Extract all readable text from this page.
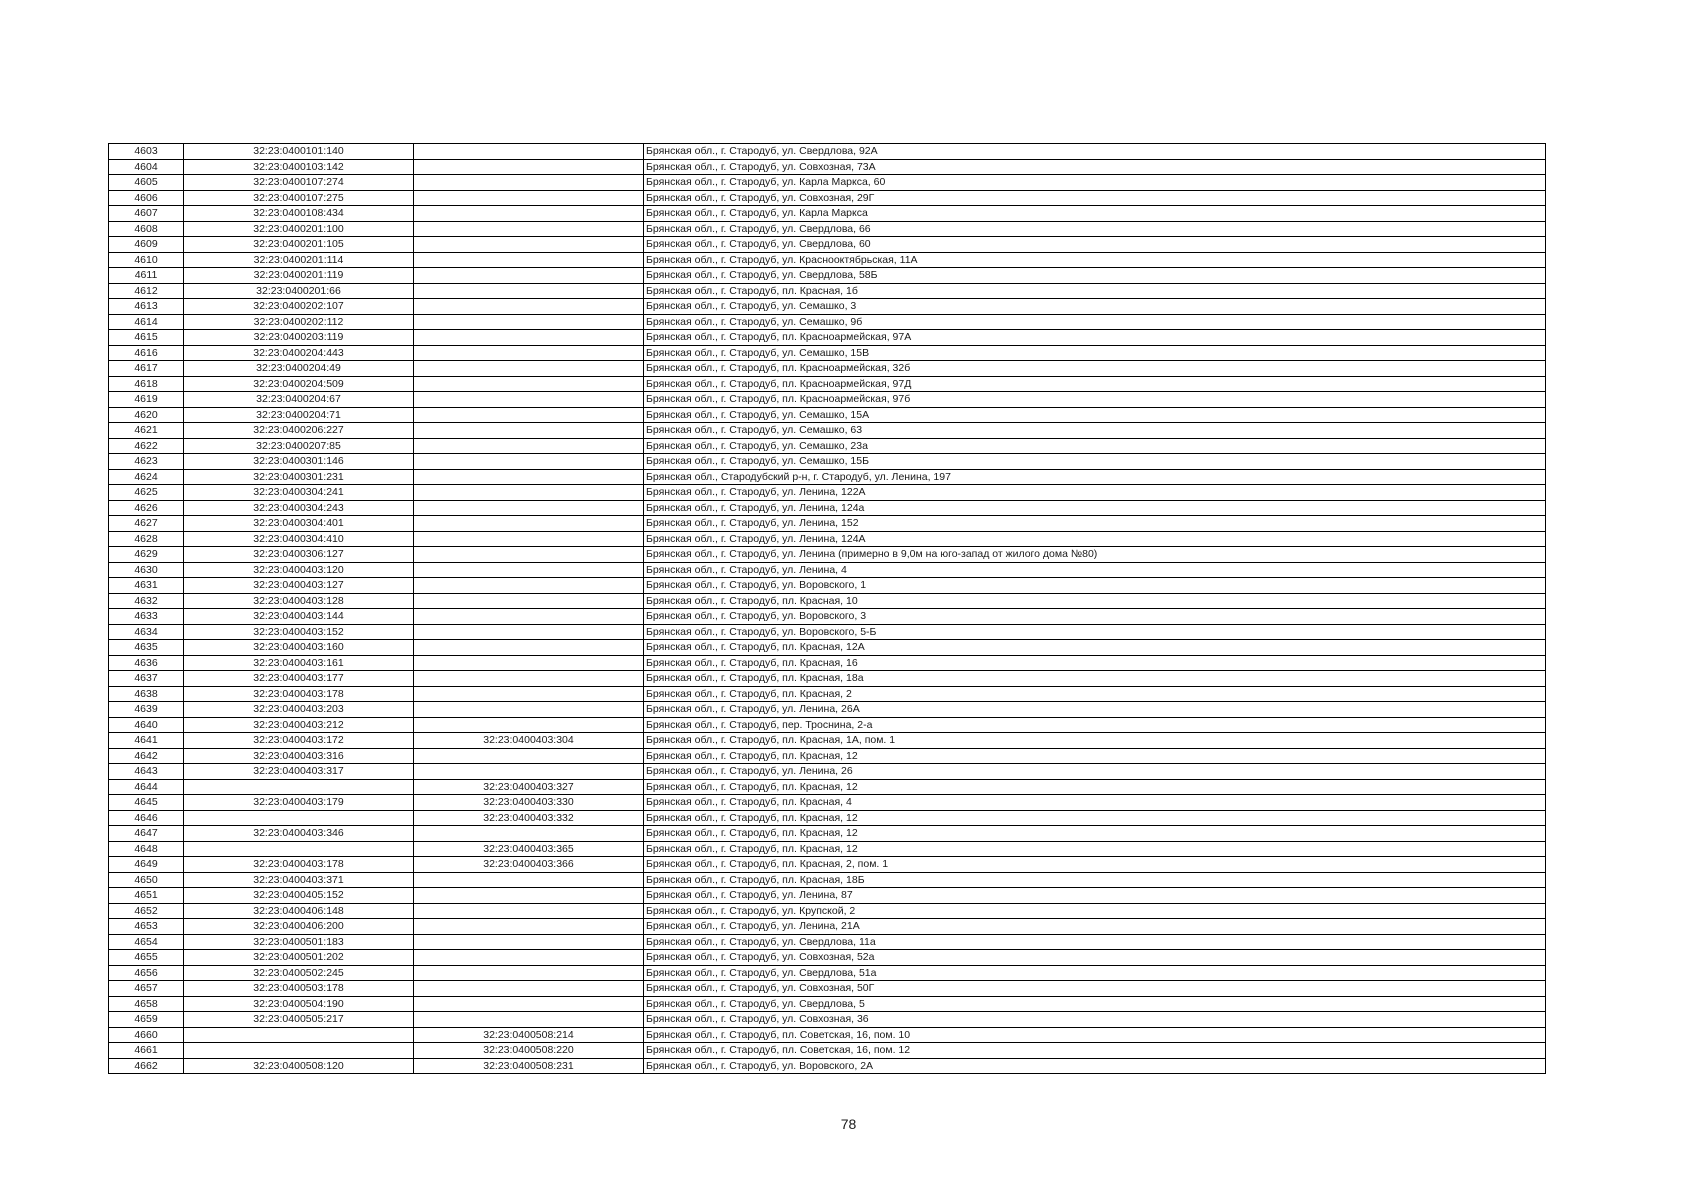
4603	32:23:0400101:140		Брянская обл., г. Стародуб, ул. Свердлова, 92А
4604	32:23:0400103:142		Брянская обл., г. Стародуб, ул. Совхозная, 73А
4605	32:23:0400107:274		Брянская обл., г. Стародуб, ул. Карла Маркса, 60
4606	32:23:0400107:275		Брянская обл., г. Стародуб, ул. Совхозная, 29Г
4607	32:23:0400108:434		Брянская обл., г. Стародуб, ул. Карла Маркса
4608	32:23:0400201:100		Брянская обл., г. Стародуб, ул. Свердлова, 66
4609	32:23:0400201:105		Брянская обл., г. Стародуб, ул. Свердлова, 60
4610	32:23:0400201:114		Брянская обл., г. Стародуб, ул. Краснооктябрьская, 11А
4611	32:23:0400201:119		Брянская обл., г. Стародуб, ул. Свердлова, 58Б
4612	32:23:0400201:66		Брянская обл., г. Стародуб, пл. Красная, 1б
4613	32:23:0400202:107		Брянская обл., г. Стародуб, ул. Семашко, 3
4614	32:23:0400202:112		Брянская обл., г. Стародуб, ул. Семашко, 9б
4615	32:23:0400203:119		Брянская обл., г. Стародуб, пл. Красноармейская, 97А
4616	32:23:0400204:443		Брянская обл., г. Стародуб, ул. Семашко, 15В
4617	32:23:0400204:49		Брянская обл., г. Стародуб, пл. Красноармейская, 32б
4618	32:23:0400204:509		Брянская обл., г. Стародуб, пл. Красноармейская, 97Д
4619	32:23:0400204:67		Брянская обл., г. Стародуб, пл. Красноармейская, 97б
4620	32:23:0400204:71		Брянская обл., г. Стародуб, ул. Семашко, 15А
4621	32:23:0400206:227		Брянская обл., г. Стародуб, ул. Семашко, 63
4622	32:23:0400207:85		Брянская обл., г. Стародуб, ул. Семашко, 23а
4623	32:23:0400301:146		Брянская обл., г. Стародуб, ул. Семашко, 15Б
4624	32:23:0400301:231		Брянская обл., Стародубский р-н, г. Стародуб, ул. Ленина, 197
4625	32:23:0400304:241		Брянская обл., г. Стародуб, ул. Ленина, 122А
4626	32:23:0400304:243		Брянская обл., г. Стародуб, ул. Ленина, 124а
4627	32:23:0400304:401		Брянская обл., г. Стародуб, ул. Ленина, 152
4628	32:23:0400304:410		Брянская обл., г. Стародуб, ул. Ленина, 124А
4629	32:23:0400306:127		Брянская обл., г. Стародуб, ул. Ленина (примерно в 9,0м на юго-запад от жилого дома №80)
4630	32:23:0400403:120		Брянская обл., г. Стародуб, ул. Ленина, 4
4631	32:23:0400403:127		Брянская обл., г. Стародуб, ул. Воровского, 1
4632	32:23:0400403:128		Брянская обл., г. Стародуб, пл. Красная, 10
4633	32:23:0400403:144		Брянская обл., г. Стародуб, ул. Воровского, 3
4634	32:23:0400403:152		Брянская обл., г. Стародуб, ул. Воровского, 5-Б
4635	32:23:0400403:160		Брянская обл., г. Стародуб, пл. Красная, 12А
4636	32:23:0400403:161		Брянская обл., г. Стародуб, пл. Красная, 16
4637	32:23:0400403:177		Брянская обл., г. Стародуб, пл. Красная, 18а
4638	32:23:0400403:178		Брянская обл., г. Стародуб, пл. Красная, 2
4639	32:23:0400403:203		Брянская обл., г. Стародуб, ул. Ленина, 26А
4640	32:23:0400403:212		Брянская обл., г. Стародуб, пер. Троснина, 2-а
4641	32:23:0400403:172	32:23:0400403:304	Брянская обл., г. Стародуб, пл. Красная, 1А, пом. 1
4642	32:23:0400403:316		Брянская обл., г. Стародуб, пл. Красная, 12
4643	32:23:0400403:317		Брянская обл., г. Стародуб, ул. Ленина, 26
4644		32:23:0400403:327	Брянская обл., г. Стародуб, пл. Красная, 12
4645	32:23:0400403:179	32:23:0400403:330	Брянская обл., г. Стародуб, пл. Красная, 4
4646		32:23:0400403:332	Брянская обл., г. Стародуб, пл. Красная, 12
4647	32:23:0400403:346		Брянская обл., г. Стародуб, пл. Красная, 12
4648		32:23:0400403:365	Брянская обл., г. Стародуб, пл. Красная, 12
4649	32:23:0400403:178	32:23:0400403:366	Брянская обл., г. Стародуб, пл. Красная, 2, пом. 1
4650	32:23:0400403:371		Брянская обл., г. Стародуб, пл. Красная, 18Б
4651	32:23:0400405:152		Брянская обл., г. Стародуб, ул. Ленина, 87
4652	32:23:0400406:148		Брянская обл., г. Стародуб, ул. Крупской, 2
4653	32:23:0400406:200		Брянская обл., г. Стародуб, ул. Ленина, 21А
4654	32:23:0400501:183		Брянская обл., г. Стародуб, ул. Свердлова, 11а
4655	32:23:0400501:202		Брянская обл., г. Стародуб, ул. Совхозная, 52а
4656	32:23:0400502:245		Брянская обл., г. Стародуб, ул. Свердлова, 51а
4657	32:23:0400503:178		Брянская обл., г. Стародуб, ул. Совхозная, 50Г
4658	32:23:0400504:190		Брянская обл., г. Стародуб, ул. Свердлова, 5
4659	32:23:0400505:217		Брянская обл., г. Стародуб, ул. Совхозная, 36
4660		32:23:0400508:214	Брянская обл., г. Стародуб, пл. Советская, 16, пом. 10
4661		32:23:0400508:220	Брянская обл., г. Стародуб, пл. Советская, 16, пом. 12
4662	32:23:0400508:120	32:23:0400508:231	Брянская обл., г. Стародуб, ул. Воровского, 2А
78
